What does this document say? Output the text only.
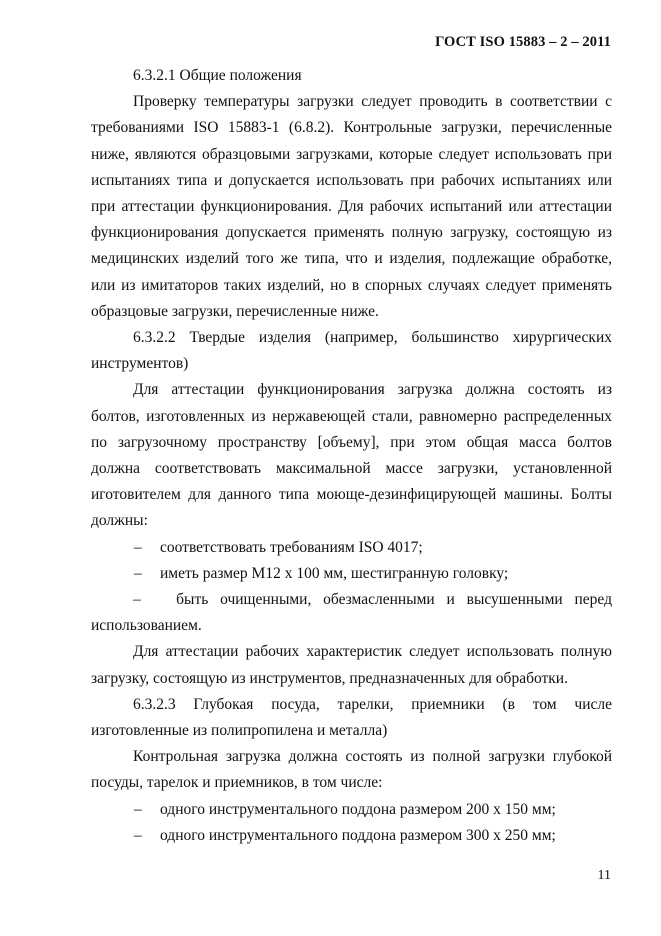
ГОСТ ISO 15883 – 2 – 2011

6.3.2.1 Общие положения

Проверку температуры загрузки следует проводить в соответствии с

требованиями ISO 15883-1 (6.8.2). Контрольные загрузки, перечисленные

ниже, являются образцовыми загрузками, которые следует использовать при

испытаниях типа и допускается использовать при рабочих испытаниях или

при аттестации функционирования. Для рабочих испытаний или аттестации

функционирования допускается применять полную загрузку, состоящую из

медицинских изделий того же типа, что и изделия, подлежащие обработке,

или из имитаторов таких изделий, но в спорных случаях следует применять

образцовые загрузки, перечисленные ниже.

6.3.2.2 Твердые изделия (например, большинство хирургических

инструментов)

Для аттестации функционирования загрузка должна состоять из

болтов, изготовленных из нержавеющей стали, равномерно распределенных

по загрузочному пространству [объему], при этом общая масса болтов

должна соответствовать максимальной массе загрузки, установленной

иготовителем для данного типа моюще-дезинфицирующей машины. Болты

должны:

– соответствовать требованиям ISO 4017;

– иметь размер М12 х 100 мм, шестигранную головку;

– быть очищенными, обезмасленными и высушенными перед

использованием.

Для аттестации рабочих характеристик следует использовать полную

загрузку, состоящую из инструментов, предназначенных для обработки.

6.3.2.3 Глубокая посуда, тарелки, приемники (в том числе

изготовленные из полипропилена и металла)

Контрольная загрузка должна состоять из полной загрузки глубокой

посуды, тарелок и приемников, в том числе:

– одного инструментального поддона размером 200 х 150 мм;

– одного инструментального поддона размером 300 х 250 мм;

11
